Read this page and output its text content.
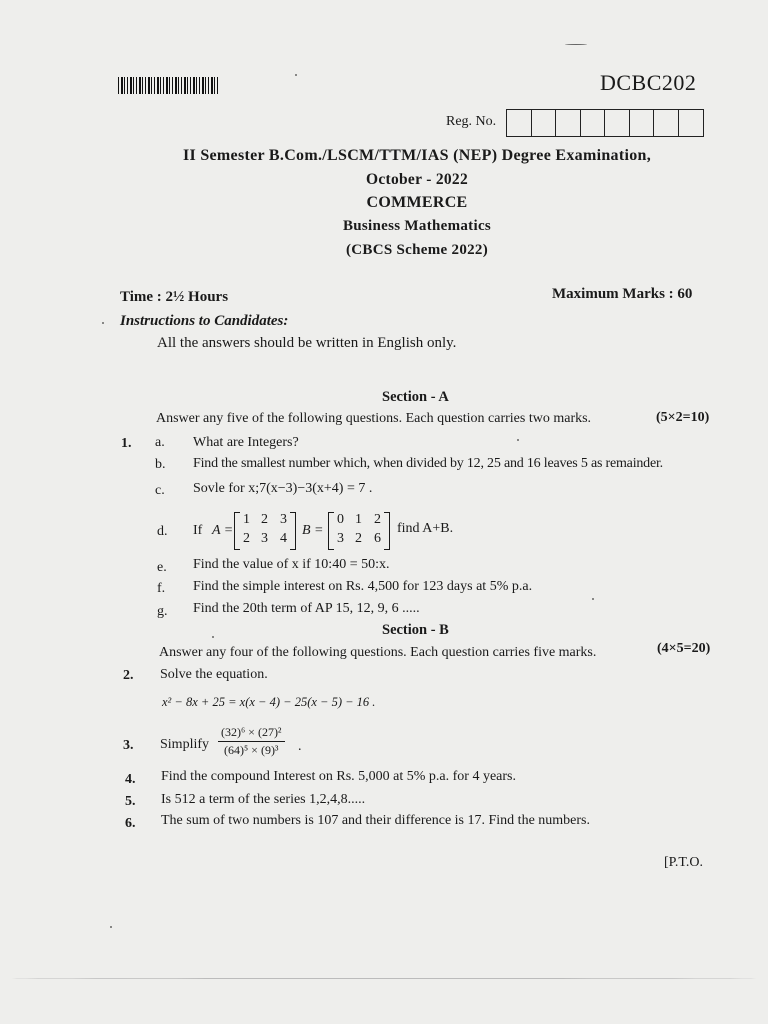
DCBC202
Reg. No.
II Semester B.Com./LSCM/TTM/IAS (NEP) Degree Examination,
October - 2022
COMMERCE
Business Mathematics
(CBCS Scheme 2022)
Time : 2½ Hours	Maximum Marks : 60
Instructions to Candidates:
All the answers should be written in English only.
Section - A
Answer any five of the following questions. Each question carries two marks.	(5×2=10)
1. a. What are Integers?
b. Find the smallest number which, when divided by 12, 25 and 16 leaves 5 as remainder.
c. Sovle for x;7(x−3)−3(x+4) = 7 .
d. If A =
1 2 3
2 3 4
B =
0 1 2
3 2 6
find A+B.
e. Find the value of x if 10:40 = 50:x.
f. Find the simple interest on Rs. 4,500 for 123 days at 5% p.a.
g. Find the 20th term of AP 15, 12, 9, 6 .....
Section - B
Answer any four of the following questions. Each question carries five marks.	(4×5=20)
2. Solve the equation.
x² − 8x + 25 = x(x − 4) − 25(x − 5) − 16 .
3. Simplify $\frac{\text{(32)⁶ × (27)²}}{\text{(64)⁵ × (9)³}}$ .
4. Find the compound Interest on Rs. 5,000 at 5% p.a. for 4 years.
5. Is 512 a term of the series 1,2,4,8.....
6. The sum of two numbers is 107 and their difference is 17. Find the numbers.
[P.T.O.
